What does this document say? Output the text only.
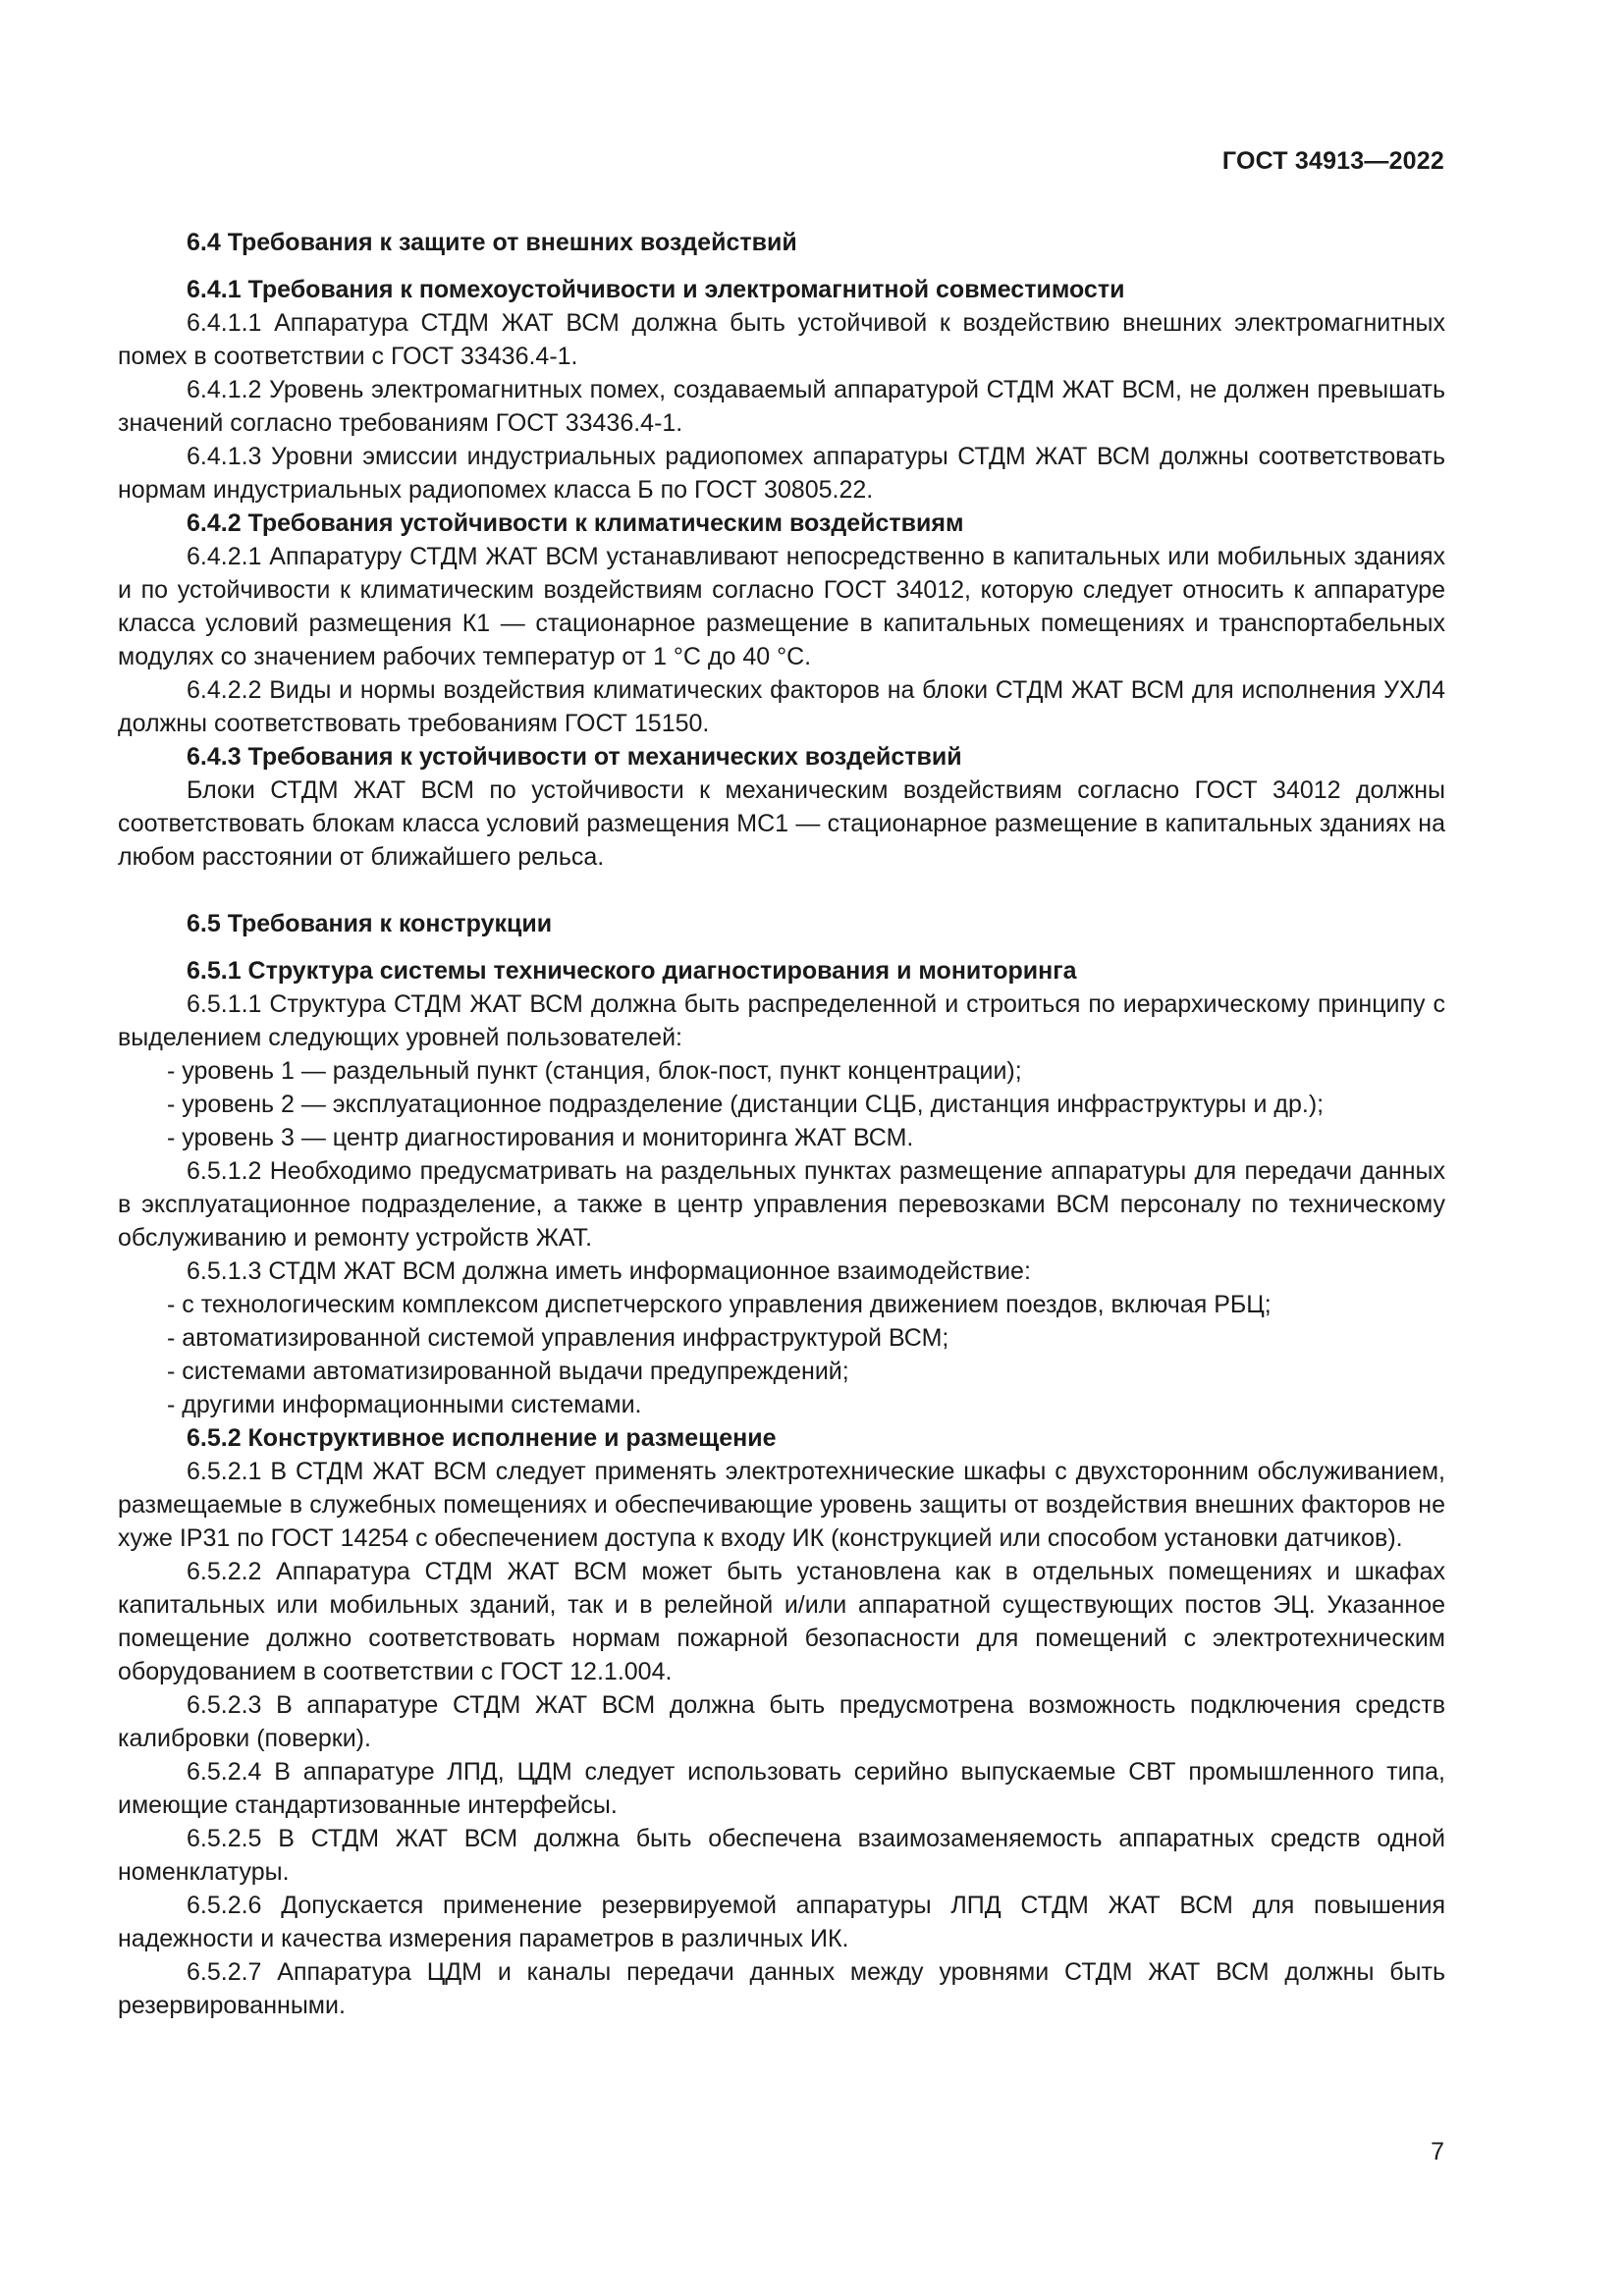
ГОСТ 34913—2022

6.4 Требования к защите от внешних воздействий

6.4.1 Требования к помехоустойчивости и электромагнитной совместимости

6.4.1.1 Аппаратура СТДМ ЖАТ ВСМ должна быть устойчивой к воздействию внешних электромагнитных помех в соответствии с ГОСТ 33436.4-1.

6.4.1.2 Уровень электромагнитных помех, создаваемый аппаратурой СТДМ ЖАТ ВСМ, не должен превышать значений согласно требованиям ГОСТ 33436.4-1.

6.4.1.3 Уровни эмиссии индустриальных радиопомех аппаратуры СТДМ ЖАТ ВСМ должны соответствовать нормам индустриальных радиопомех класса Б по ГОСТ 30805.22.

6.4.2 Требования устойчивости к климатическим воздействиям

6.4.2.1 Аппаратуру СТДМ ЖАТ ВСМ устанавливают непосредственно в капитальных или мобильных зданиях и по устойчивости к климатическим воздействиям согласно ГОСТ 34012, которую следует относить к аппаратуре класса условий размещения К1 — стационарное размещение в капитальных помещениях и транспортабельных модулях со значением рабочих температур от 1 °С до 40 °С.

6.4.2.2 Виды и нормы воздействия климатических факторов на блоки СТДМ ЖАТ ВСМ для исполнения УХЛ4 должны соответствовать требованиям ГОСТ 15150.

6.4.3 Требования к устойчивости от механических воздействий

Блоки СТДМ ЖАТ ВСМ по устойчивости к механическим воздействиям согласно ГОСТ 34012 должны соответствовать блокам класса условий размещения МС1 — стационарное размещение в капитальных зданиях на любом расстоянии от ближайшего рельса.

6.5 Требования к конструкции

6.5.1 Структура системы технического диагностирования и мониторинга

6.5.1.1 Структура СТДМ ЖАТ ВСМ должна быть распределенной и строиться по иерархическому принципу с выделением следующих уровней пользователей:

- уровень 1 — раздельный пункт (станция, блок-пост, пункт концентрации);

- уровень 2 — эксплуатационное подразделение (дистанции СЦБ, дистанция инфраструктуры и др.);

- уровень 3 — центр диагностирования и мониторинга ЖАТ ВСМ.

6.5.1.2 Необходимо предусматривать на раздельных пунктах размещение аппаратуры для передачи данных в эксплуатационное подразделение, а также в центр управления перевозками ВСМ персоналу по техническому обслуживанию и ремонту устройств ЖАТ.

6.5.1.3 СТДМ ЖАТ ВСМ должна иметь информационное взаимодействие:

- с технологическим комплексом диспетчерского управления движением поездов, включая РБЦ;

- автоматизированной системой управления инфраструктурой ВСМ;

- системами автоматизированной выдачи предупреждений;

- другими информационными системами.

6.5.2 Конструктивное исполнение и размещение

6.5.2.1 В СТДМ ЖАТ ВСМ следует применять электротехнические шкафы с двухсторонним обслуживанием, размещаемые в служебных помещениях и обеспечивающие уровень защиты от воздействия внешних факторов не хуже IP31 по ГОСТ 14254 с обеспечением доступа к входу ИК (конструкцией или способом установки датчиков).

6.5.2.2 Аппаратура СТДМ ЖАТ ВСМ может быть установлена как в отдельных помещениях и шкафах капитальных или мобильных зданий, так и в релейной и/или аппаратной существующих постов ЭЦ. Указанное помещение должно соответствовать нормам пожарной безопасности для помещений с электротехническим оборудованием в соответствии с ГОСТ 12.1.004.

6.5.2.3 В аппаратуре СТДМ ЖАТ ВСМ должна быть предусмотрена возможность подключения средств калибровки (поверки).

6.5.2.4 В аппаратуре ЛПД, ЦДМ следует использовать серийно выпускаемые СВТ промышленного типа, имеющие стандартизованные интерфейсы.

6.5.2.5 В СТДМ ЖАТ ВСМ должна быть обеспечена взаимозаменяемость аппаратных средств одной номенклатуры.

6.5.2.6 Допускается применение резервируемой аппаратуры ЛПД СТДМ ЖАТ ВСМ для повышения надежности и качества измерения параметров в различных ИК.

6.5.2.7 Аппаратура ЦДМ и каналы передачи данных между уровнями СТДМ ЖАТ ВСМ должны быть резервированными.

7
